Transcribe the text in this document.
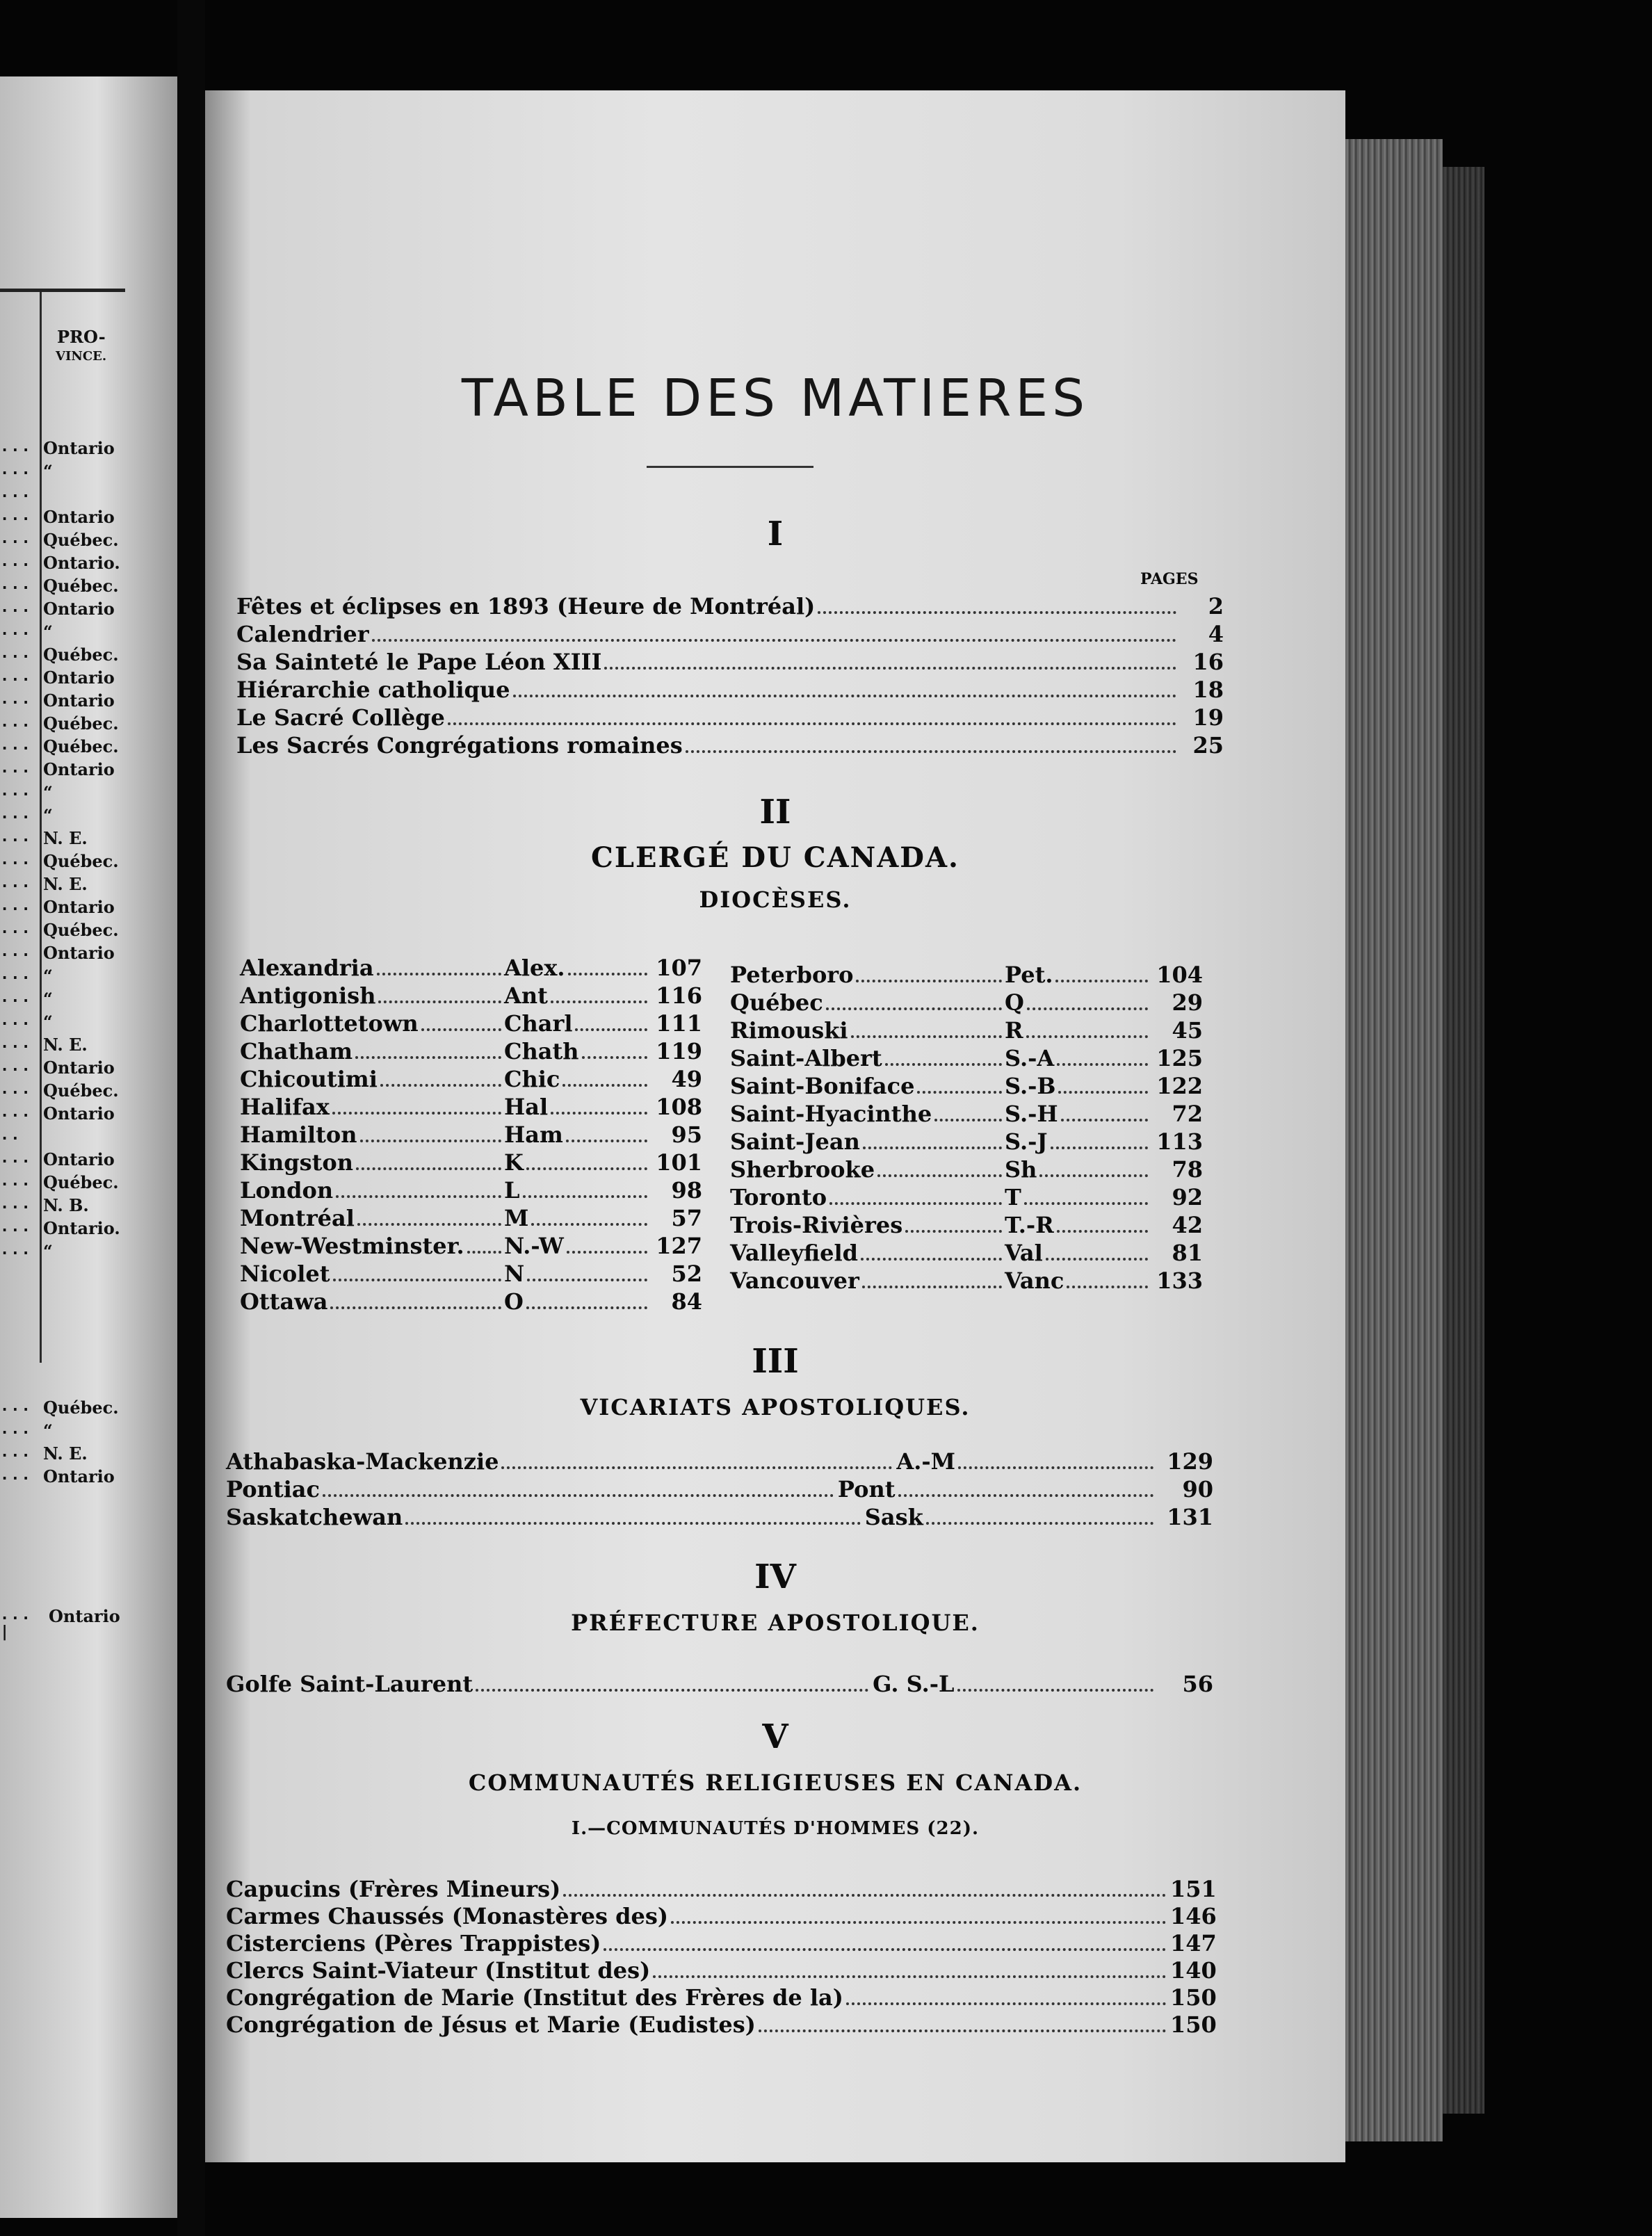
PRO-
VINCE.
... Ontario
... “
...
... Ontario
... Québec.
... Ontario.
... Québec.
... Ontario
... “
... Québec.
... Ontario
... Ontario
... Québec.
... Québec.
... Ontario
... “
... “
... N. E.
... Québec.
... N. E.
... Ontario
... Québec.
... Ontario
... “
... “
... “
... N. E.
... Ontario
... Québec.
... Ontario
..
... Ontario
... Québec.
... N. B.
... Ontario.
... “
... Québec.
... “
... N. E.
... Ontario
... |
Ontario
TABLE DES MATIERES
I
PAGES
Fêtes et éclipses en 1893 (Heure de Montréal)	2
Calendrier	4
Sa Sainteté le Pape Léon XIII	16
Hiérarchie catholique	18
Le Sacré Collège	19
Les Sacrés Congrégations romaines	25
II
CLERGÉ DU CANADA.
DIOCÈSES.
Alexandria	Alex.	107
Antigonish	Ant	116
Charlottetown	Charl	111
Chatham	Chath	119
Chicoutimi	Chic	49
Halifax	Hal	108
Hamilton	Ham	95
Kingston	K	101
London	L	98
Montréal	M	57
New-Westminster. N.-W	127
Nicolet	N	52
Ottawa	O	84
Peterboro	Pet.	104
Québec	Q	29
Rimouski	R	45
Saint-Albert	S.-A	125
Saint-Boniface	S.-B	122
Saint-Hyacinthe	S.-H	72
Saint-Jean	S.-J	113
Sherbrooke	Sh	78
Toronto	T	92
Trois-Rivières	T.-R	42
Valleyfield	Val	81
Vancouver	Vanc	133
III
VICARIATS APOSTOLIQUES.
Athabaska-Mackenzie	A.-M	129
Pontiac	Pont	90
Saskatchewan	Sask	131
IV
PRÉFECTURE APOSTOLIQUE.
Golfe Saint-Laurent	G. S.-L	56
V
COMMUNAUTÉS RELIGIEUSES EN CANADA.
I.—COMMUNAUTÉS D'HOMMES (22).
Capucins (Frères Mineurs)	151
Carmes Chaussés (Monastères des)	146
Cisterciens (Pères Trappistes)	147
Clercs Saint-Viateur (Institut des)	140
Congrégation de Marie (Institut des Frères de la)	150
Congrégation de Jésus et Marie (Eudistes)	150
